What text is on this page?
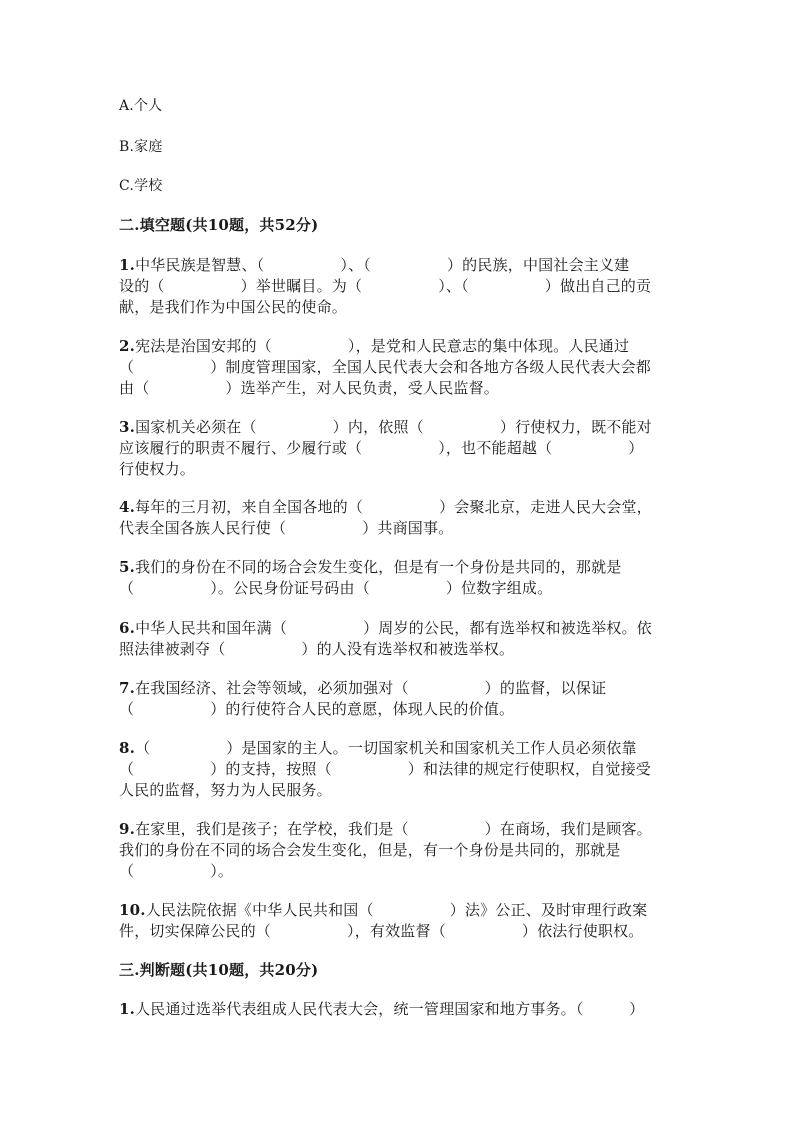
A.个人
B.家庭
C.学校
二.填空题(共10题，共52分)
1.中华民族是智慧、（　　　　　）、（　　　　　）的民族，中国社会主义建
设的（　　　　　）举世瞩目。为（　　　　　）、（　　　　　）做出自己的贡
献，是我们作为中国公民的使命。
2.宪法是治国安邦的（　　　　　），是党和人民意志的集中体现。人民通过
（　　　　　）制度管理国家，全国人民代表大会和各地方各级人民代表大会都
由（　　　　　）选举产生，对人民负责，受人民监督。
3.国家机关必须在（　　　　　）内，依照（　　　　　）行使权力，既不能对
应该履行的职责不履行、少履行或（　　　　　），也不能超越（　　　　　）
行使权力。
4.每年的三月初，来自全国各地的（　　　　　）会聚北京，走进人民大会堂，
代表全国各族人民行使（　　　　　）共商国事。
5.我们的身份在不同的场合会发生变化，但是有一个身份是共同的，那就是
（　　　　　）。公民身份证号码由（　　　　　）位数字组成。
6.中华人民共和国年满（　　　　　）周岁的公民，都有选举权和被选举权。依
照法律被剥夺（　　　　　）的人没有选举权和被选举权。
7.在我国经济、社会等领域，必须加强对（　　　　　）的监督，以保证
（　　　　　）的行使符合人民的意愿，体现人民的价值。
8.（　　　　　）是国家的主人。一切国家机关和国家机关工作人员必须依靠
（　　　　　）的支持，按照（　　　　　）和法律的规定行使职权，自觉接受
人民的监督，努力为人民服务。
9.在家里，我们是孩子；在学校，我们是（　　　　　）在商场，我们是顾客。
我们的身份在不同的场合会发生变化，但是，有一个身份是共同的，那就是
（　　　　　）。
10.人民法院依据《中华人民共和国（　　　　　）法》公正、及时审理行政案
件，切实保障公民的（　　　　　），有效监督（　　　　　）依法行使职权。
三.判断题(共10题，共20分)
1.人民通过选举代表组成人民代表大会，统一管理国家和地方事务。（　　　）
